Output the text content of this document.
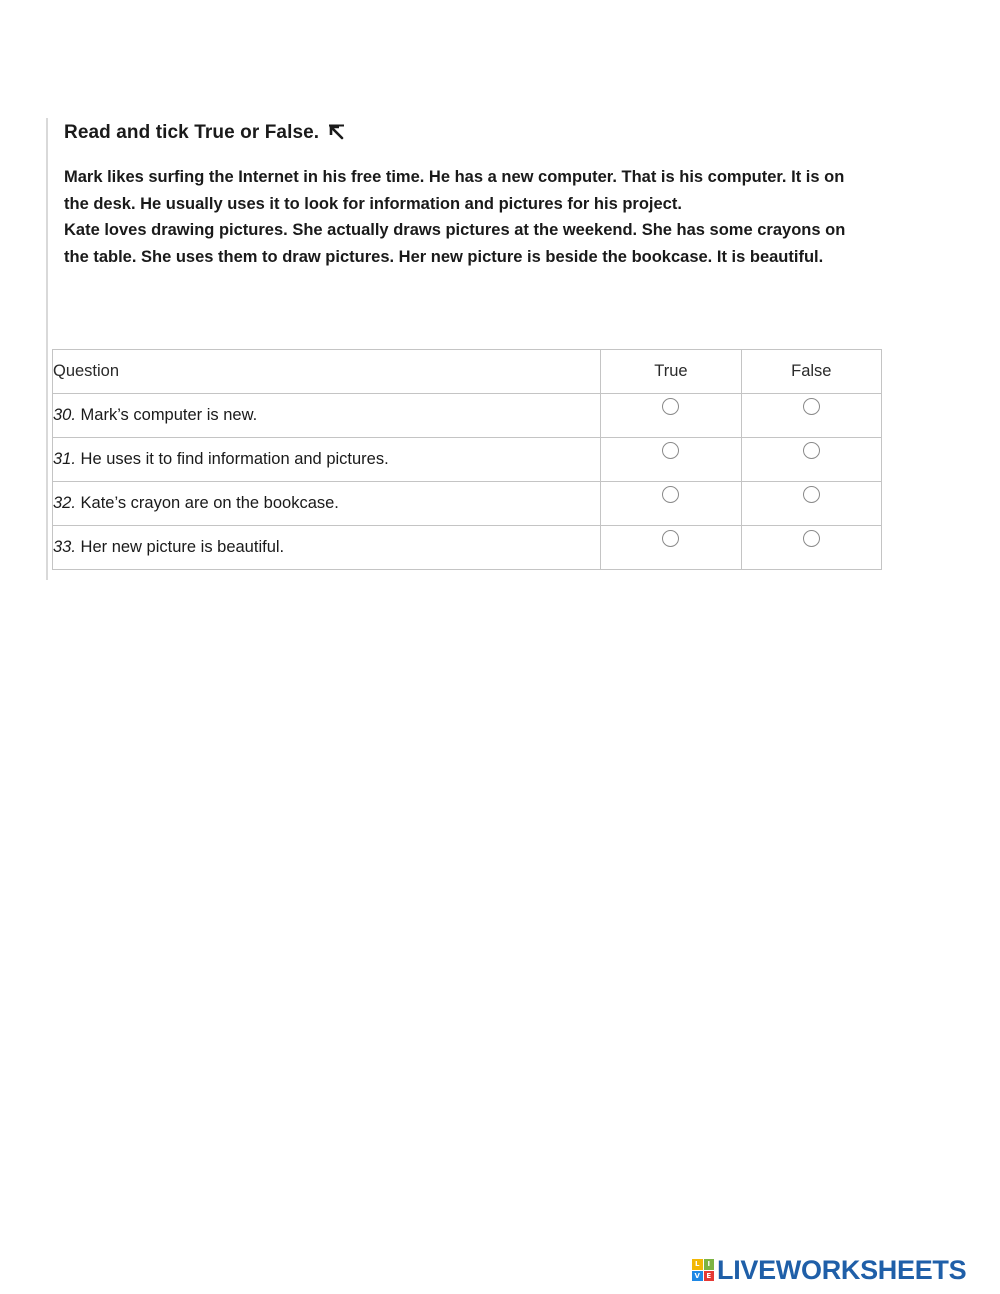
Read and tick True or False.

Mark likes surfing the Internet in his free time. He has a new computer. That is his computer. It is on the desk. He usually uses it to look for information and pictures for his project.

Kate loves drawing pictures. She actually draws pictures at the weekend. She has some crayons on the table. She uses them to draw pictures. Her new picture is beside the bookcase. It is beautiful.

Question	True	False
30. Mark’s computer is new.		
31. He uses it to find information and pictures.		
32. Kate’s crayon are on the bookcase.		
33. Her new picture is beautiful.		
L	I
V E LIVEWORKSHEETS
